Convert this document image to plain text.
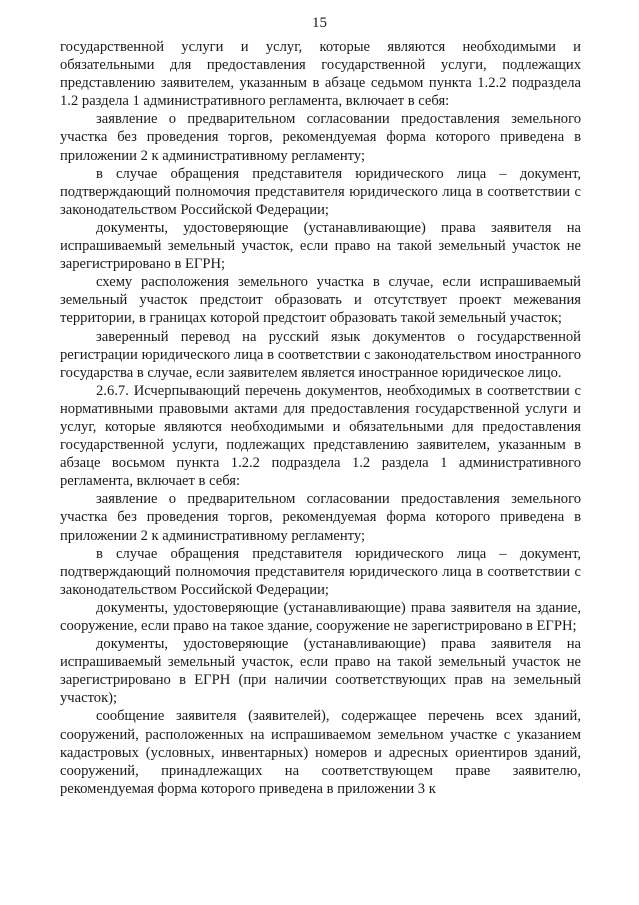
15

государственной услуги и услуг, которые являются необходимыми и обязательными для предоставления государственной услуги, подлежащих представлению заявителем, указанным в абзаце седьмом пункта 1.2.2 подраздела 1.2 раздела 1 административного регламента, включает в себя:

заявление о предварительном согласовании предоставления земельного участка без проведения торгов, рекомендуемая форма которого приведена в приложении 2 к административному регламенту;

в случае обращения представителя юридического лица – документ, подтверждающий полномочия представителя юридического лица в соответствии с законодательством Российской Федерации;

документы, удостоверяющие (устанавливающие) права заявителя на испрашиваемый земельный участок, если право на такой земельный участок не зарегистрировано в ЕГРН;

схему расположения земельного участка в случае, если испрашиваемый земельный участок предстоит образовать и отсутствует проект межевания территории, в границах которой предстоит образовать такой земельный участок;

заверенный перевод на русский язык документов о государственной регистрации юридического лица в соответствии с законодательством иностранного государства в случае, если заявителем является иностранное юридическое лицо.

2.6.7. Исчерпывающий перечень документов, необходимых в соответствии с нормативными правовыми актами для предоставления государственной услуги и услуг, которые являются необходимыми и обязательными для предоставления государственной услуги, подлежащих представлению заявителем, указанным в абзаце восьмом пункта 1.2.2 подраздела 1.2 раздела 1 административного регламента, включает в себя:

заявление о предварительном согласовании предоставления земельного участка без проведения торгов, рекомендуемая форма которого приведена в приложении 2 к административному регламенту;

в случае обращения представителя юридического лица – документ, подтверждающий полномочия представителя юридического лица в соответствии с законодательством Российской Федерации;

документы, удостоверяющие (устанавливающие) права заявителя на здание, сооружение, если право на такое здание, сооружение не зарегистрировано в ЕГРН;

документы, удостоверяющие (устанавливающие) права заявителя на испрашиваемый земельный участок, если право на такой земельный участок не зарегистрировано в ЕГРН (при наличии соответствующих прав на земельный участок);

сообщение заявителя (заявителей), содержащее перечень всех зданий, сооружений, расположенных на испрашиваемом земельном участке с указанием кадастровых (условных, инвентарных) номеров и адресных ориентиров зданий, сооружений, принадлежащих на соответствующем праве заявителю, рекомендуемая форма которого приведена в приложении 3 к
